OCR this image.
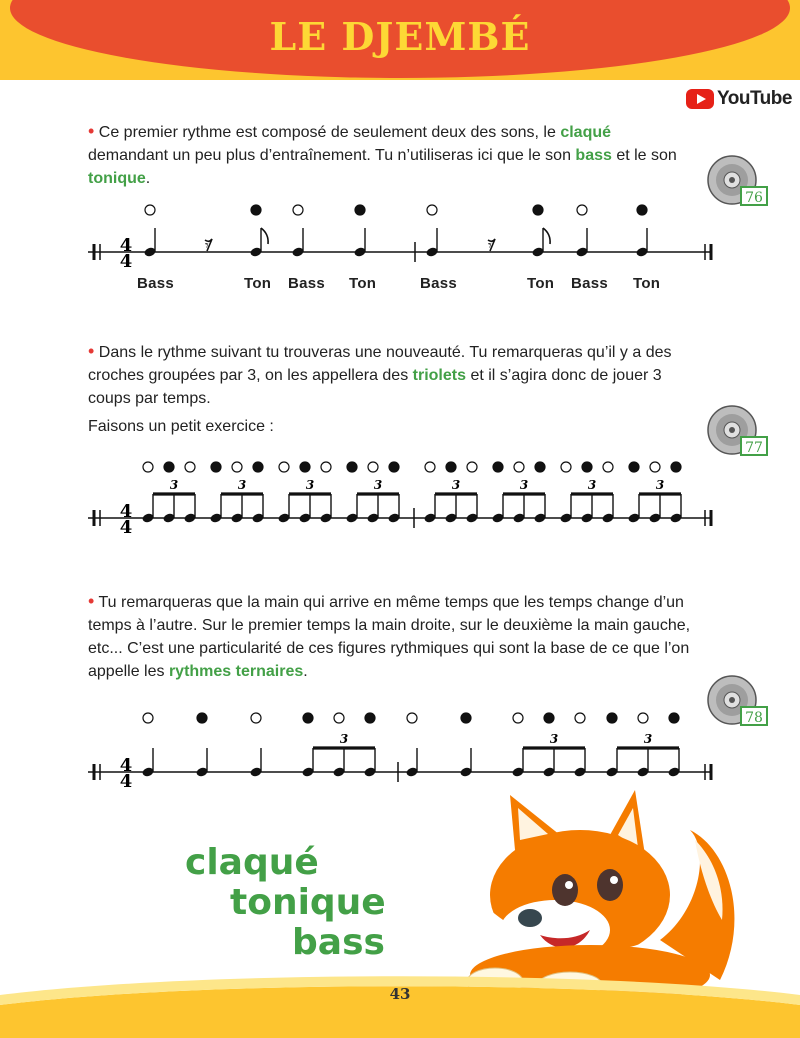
LE DJEMBÉ
YouTube
• Ce premier rythme est composé de seulement deux des sons, le claqué demandant un peu plus d’entraînement. Tu n’utiliseras ici que le son bass et le son tonique.
76
77
78
4
4
𝄾	𝄾
4
4
3	3	3	3	3	3	3	3
4
4
3	3	3
Bass	Ton Bass Ton	Bass	Ton Bass Ton
• Dans le rythme suivant tu trouveras une nouveauté. Tu remarqueras qu’il y a des croches groupées par 3, on les appellera des triolets et il s’agira donc de jouer 3 coups par temps.
Faisons un petit exercice :
• Tu remarqueras que la main qui arrive en même temps que les temps change d’un temps à l’autre. Sur le premier temps la main droite, sur le deuxième la main gauche, etc... C’est une particularité de ces figures rythmiques qui sont la base de ce que l’on appelle les rythmes ternaires.
claqué
tonique
bass
43
